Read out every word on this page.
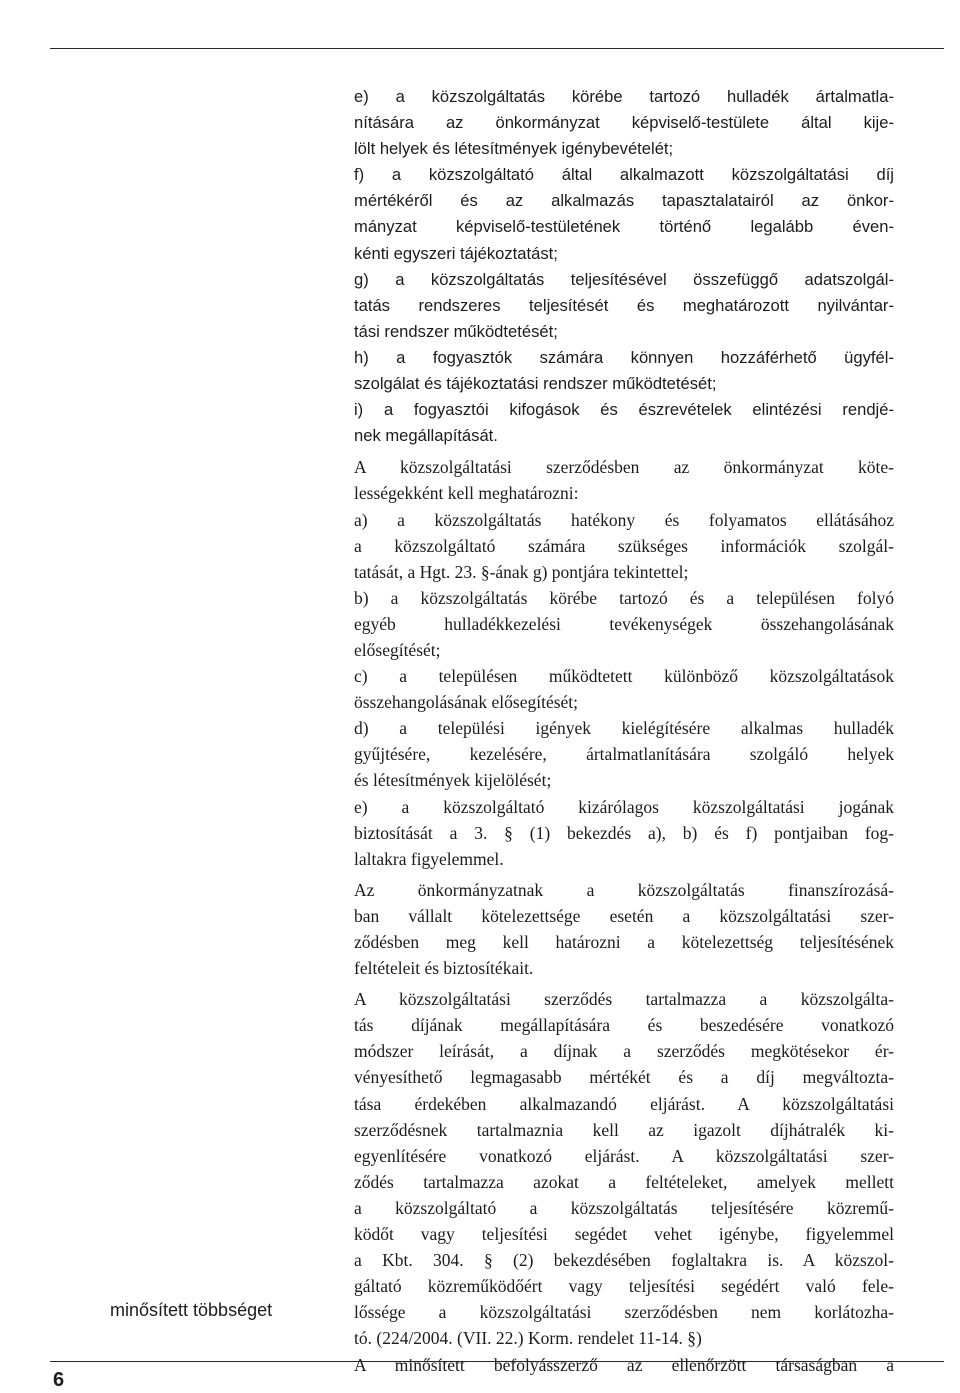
e) a közszolgáltatás körébe tartozó hulladék ártalmatla-
nítására az önkormányzat képviselő-testülete által kije-
lölt helyek és létesítmények igénybevételét;
f) a közszolgáltató által alkalmazott közszolgáltatási díj
mértékéről és az alkalmazás tapasztalatairól az önkor-
mányzat képviselő-testületének történő legalább éven-
kénti egyszeri tájékoztatást;
g) a közszolgáltatás teljesítésével összefüggő adatszolgál-
tatás rendszeres teljesítését és meghatározott nyilvántar-
tási rendszer működtetését;
h) a fogyasztók számára könnyen hozzáférhető ügyfél-
szolgálat és tájékoztatási rendszer működtetését;
i) a fogyasztói kifogások és észrevételek elintézési rendjé-
nek megállapítását.
A közszolgáltatási szerződésben az önkormányzat köte-
lességekként kell meghatározni:
a) a közszolgáltatás hatékony és folyamatos ellátásához
a közszolgáltató számára szükséges információk szolgál-
tatását, a Hgt. 23. §-ának g) pontjára tekintettel;
b) a közszolgáltatás körébe tartozó és a településen folyó
egyéb hulladékkezelési tevékenységek összehangolásának
elősegítését;
c) a településen működtetett különböző közszolgáltatások
összehangolásának elősegítését;
d) a települési igények kielégítésére alkalmas hulladék
gyűjtésére, kezelésére, ártalmatlanítására szolgáló helyek
és létesítmények kijelölését;
e) a közszolgáltató kizárólagos közszolgáltatási jogának
biztosítását a 3. § (1) bekezdés a), b) és f) pontjaiban fog-
laltakra figyelemmel.
Az önkormányzatnak a közszolgáltatás finanszírozásá-
ban vállalt kötelezettsége esetén a közszolgáltatási szer-
ződésben meg kell határozni a kötelezettség teljesítésének
feltételeit és biztosítékait.
A közszolgáltatási szerződés tartalmazza a közszolgálta-
tás díjának megállapítására és beszedésére vonatkozó
módszer leírását, a díjnak a szerződés megkötésekor ér-
vényesíthető legmagasabb mértékét és a díj megváltozta-
tása érdekében alkalmazandó eljárást. A közszolgáltatási
szerződésnek tartalmaznia kell az igazolt díjhátralék ki-
egyenlítésére vonatkozó eljárást. A közszolgáltatási szer-
ződés tartalmazza azokat a feltételeket, amelyek mellett
a közszolgáltató a közszolgáltatás teljesítésére közremű-
ködőt vagy teljesítési segédet vehet igénybe, figyelemmel
a Kbt. 304. § (2) bekezdésében foglaltakra is. A közszol-
gáltató közreműködőért vagy teljesítési segédért való fele-
lőssége a közszolgáltatási szerződésben nem korlátozha-
tó. (224/2004. (VII. 22.) Korm. rendelet 11-14. §)
A minősített befolyásszerző az ellenőrzött társaságban a
minősített többséget
6
